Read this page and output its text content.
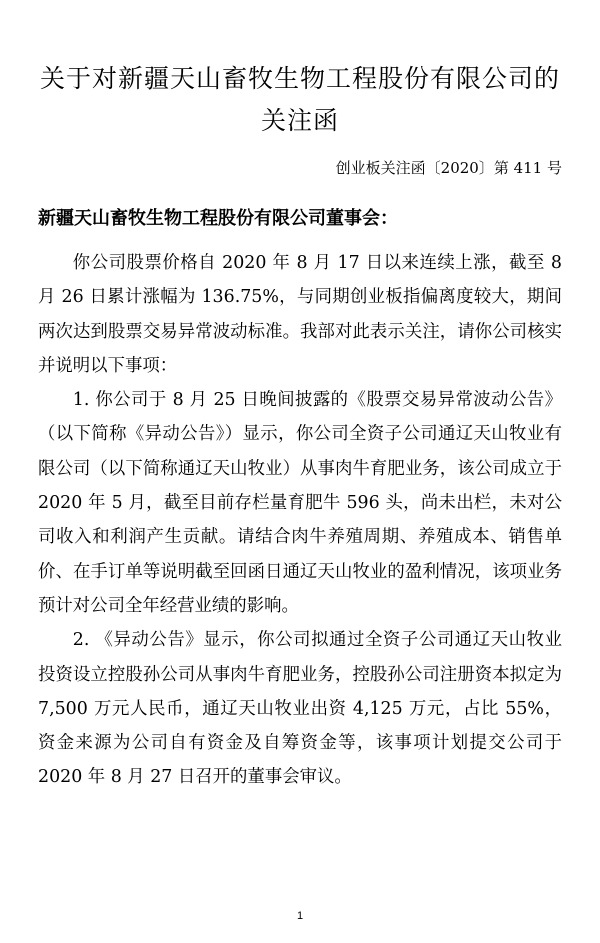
关于对新疆天山畜牧生物工程股份有限公司的
关注函
创业板关注函〔2020〕第 411 号

新疆天山畜牧生物工程股份有限公司董事会：

你公司股票价格自 2020 年 8 月 17 日以来连续上涨，截至 8 月 26 日累计涨幅为 136.75%，与同期创业板指偏离度较大，期间两次达到股票交易异常波动标准。我部对此表示关注，请你公司核实并说明以下事项：

1. 你公司于 8 月 25 日晚间披露的《股票交易异常波动公告》（以下简称《异动公告》）显示，你公司全资子公司通辽天山牧业有限公司（以下简称通辽天山牧业）从事肉牛育肥业务，该公司成立于 2020 年 5 月，截至目前存栏量育肥牛 596 头，尚未出栏，未对公司收入和利润产生贡献。请结合肉牛养殖周期、养殖成本、销售单价、在手订单等说明截至回函日通辽天山牧业的盈利情况，该项业务预计对公司全年经营业绩的影响。

2. 《异动公告》显示，你公司拟通过全资子公司通辽天山牧业投资设立控股孙公司从事肉牛育肥业务，控股孙公司注册资本拟定为 7,500 万元人民币，通辽天山牧业出资 4,125 万元，占比 55%，资金来源为公司自有资金及自筹资金等，该事项计划提交公司于 2020 年 8 月 27 日召开的董事会审议。

1
